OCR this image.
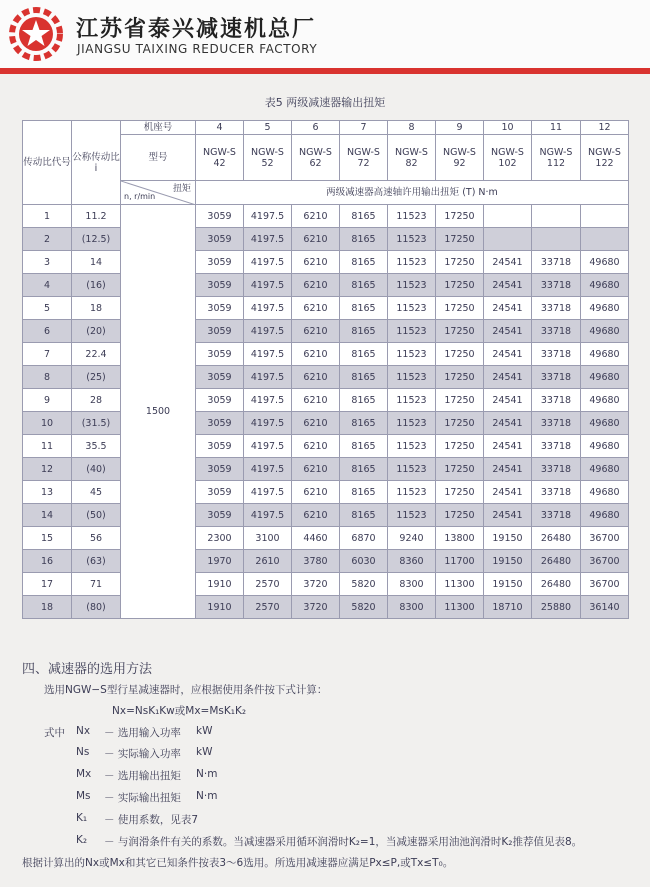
江苏省泰兴减速机总厂
JIANGSU TAIXING REDUCER FACTORY
表5 两级减速器输出扭矩
传动比代号	公称传动比i	机座号	4	5	6	7	8	9	10	11	12
		型号	NGW-S42	NGW-S52	NGW-S62	NGW-S72	NGW-S82	NGW-S92	NGW-S102	NGW-S112	NGW-S122

		扭矩
n, r/min	两级减速器高速轴许用输出扭矩 (T) N·m								
1	11.2	1500	3059	4197.5	6210	8165	11523	17250			
2	(12.5)		3059	4197.5	6210	8165	11523	17250			
3	14		3059	4197.5	6210	8165	11523	17250	24541	33718	49680
4	(16)		3059	4197.5	6210	8165	11523	17250	24541	33718	49680
5	18		3059	4197.5	6210	8165	11523	17250	24541	33718	49680
6	(20)		3059	4197.5	6210	8165	11523	17250	24541	33718	49680
7	22.4		3059	4197.5	6210	8165	11523	17250	24541	33718	49680
8	(25)		3059	4197.5	6210	8165	11523	17250	24541	33718	49680
9	28		3059	4197.5	6210	8165	11523	17250	24541	33718	49680
10	(31.5)		3059	4197.5	6210	8165	11523	17250	24541	33718	49680
11	35.5		3059	4197.5	6210	8165	11523	17250	24541	33718	49680
12	(40)		3059	4197.5	6210	8165	11523	17250	24541	33718	49680
13	45		3059	4197.5	6210	8165	11523	17250	24541	33718	49680
14	(50)		3059	4197.5	6210	8165	11523	17250	24541	33718	49680
15	56		2300	3100	4460	6870	9240	13800	19150	26480	36700
16	(63)		1970	2610	3780	6030	8360	11700	19150	26480	36700
17	71		1910	2570	3720	5820	8300	11300	19150	26480	36700
18	(80)		1910	2570	3720	5820	8300	11300	18710	25880	36140
四、减速器的选用方法
选用NGW−S型行星减速器时，应根据使用条件按下式计算：
Nx=NsK₁Kw或Mx=MsK₁K₂
式中 Nx － 选用输入功率 kW
Ns － 实际输入功率 kW
Mx － 选用输出扭矩 N·m
Ms － 实际输出扭矩 N·m
K₁ － 使用系数，见表7
K₂ － 与润滑条件有关的系数。当减速器采用循环润滑时K₂=1，当减速器采用油池润滑时K₂推荐值见表8。
根据计算出的Nx或Mx和其它已知条件按表3～6选用。所选用减速器应满足Px≤P,或Tx≤T₀。
